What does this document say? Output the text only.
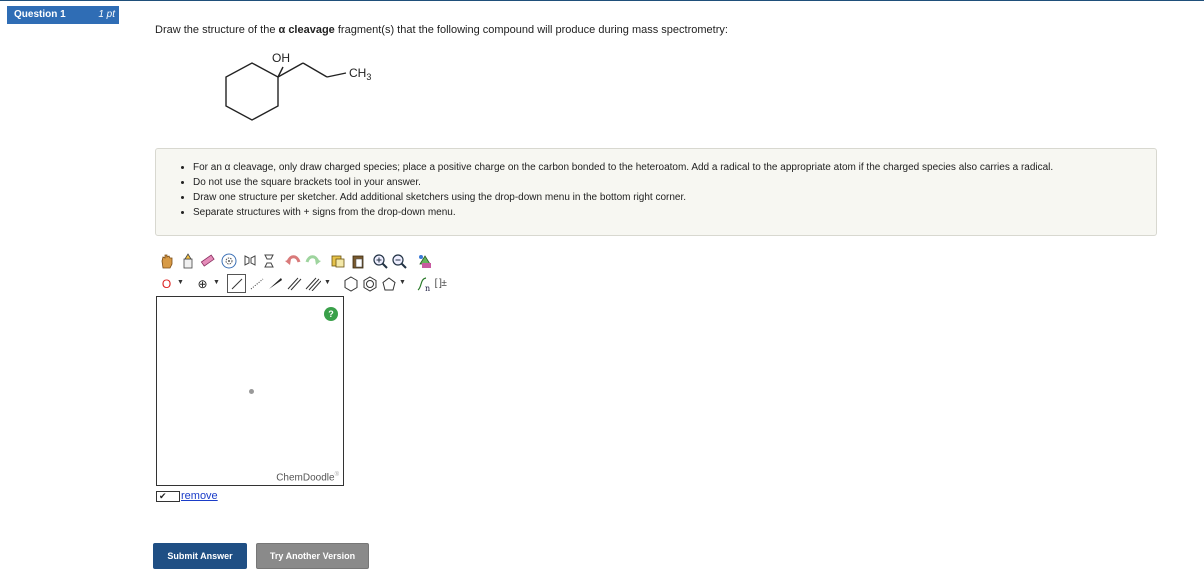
Question 1	1 pt
Draw the structure of the α cleavage fragment(s) that the following compound will produce during mass spectrometry:
OH
$CH_3$
• For an α cleavage, only draw charged species; place a positive charge on the carbon bonded to the heteroatom. Add a radical to the appropriate atom if the charged species also carries a radical.
• Do not use the square brackets tool in your answer.
• Draw one structure per sketcher. Add additional sketchers using the drop-down menu in the bottom right corner.
• Separate structures with + signs from the drop-down menu.
O ▼	⊕ ▼	▼	▼
n [ ]±
?
ChemDoodle®
✔	remove
Submit Answer	Try Another Version
